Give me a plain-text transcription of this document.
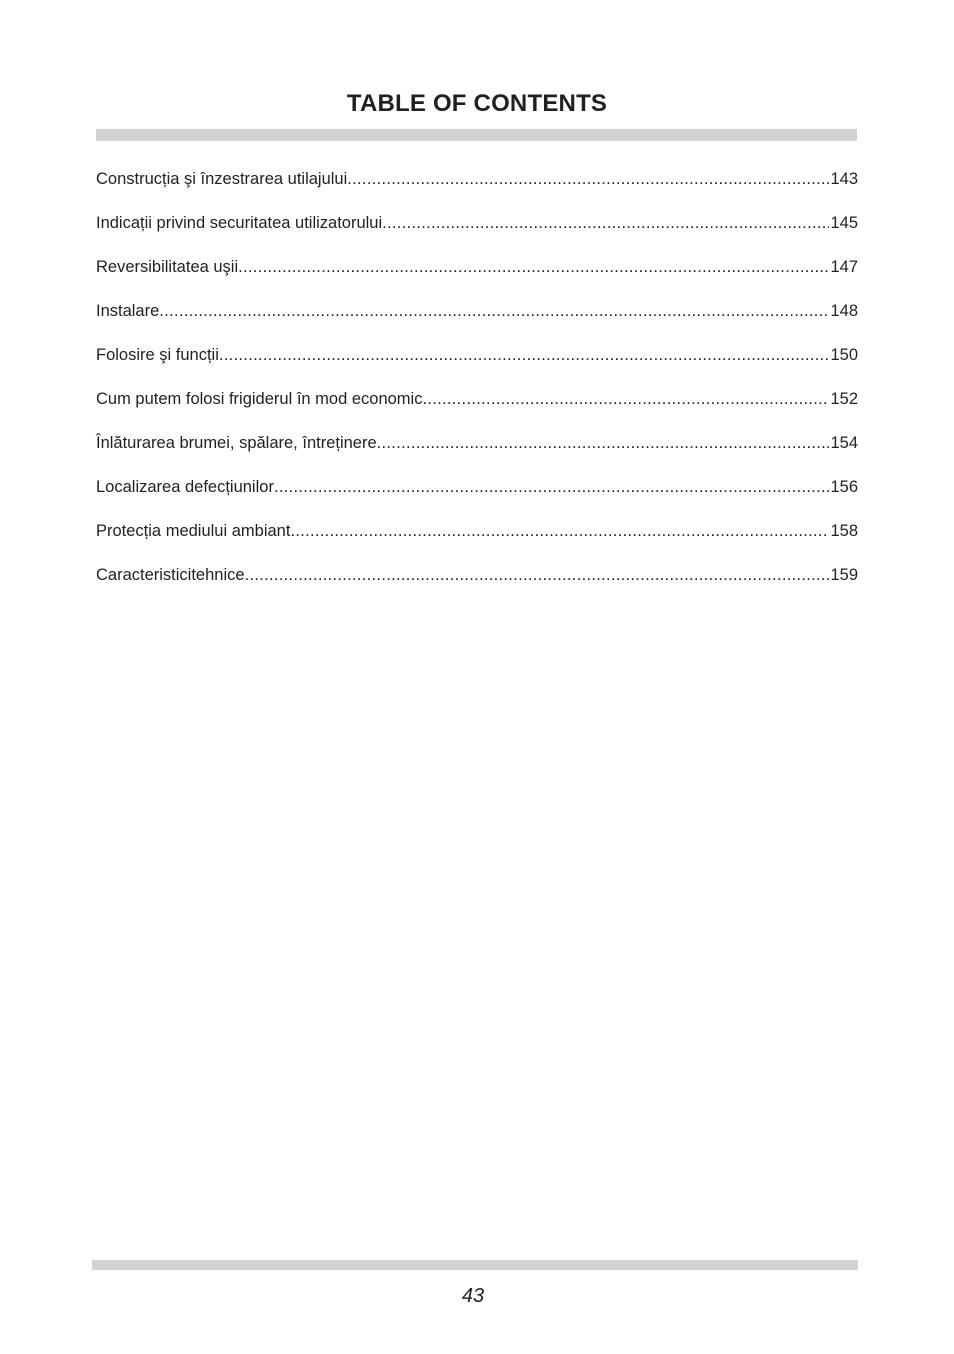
TABLE OF CONTENTS
Construcția şi înzestrarea utilajului .....	143
Indicații privind securitatea utilizatorului .....	145
Reversibilitatea uşii .....	147
Instalare .....	148
Folosire şi funcții .....	150
Cum putem folosi frigiderul în mod economic .....	152
Înlăturarea brumei, spălare, întreținere .....	154
Localizarea defecțiunilor .....	156
Protecția mediului ambiant .....	158
Caracteristicitehnice .....	159
43
